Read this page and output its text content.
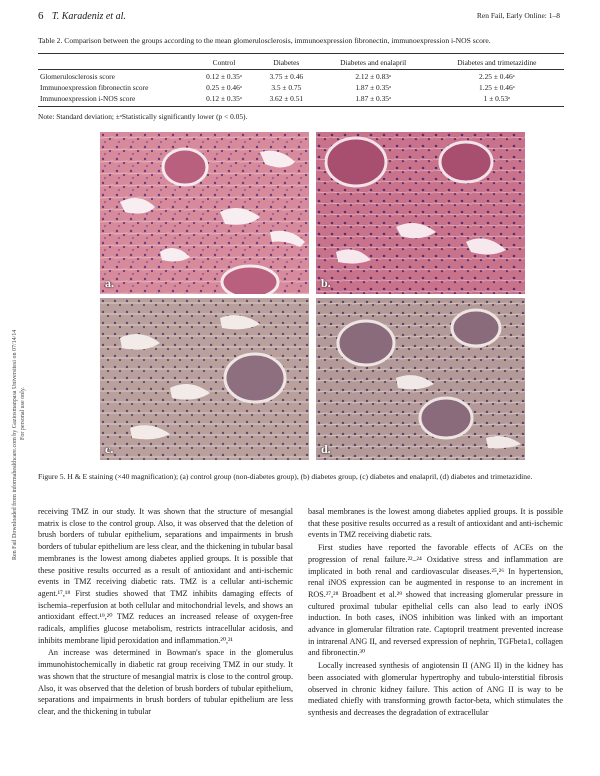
6 T. Karadeniz et al.	Ren Fail, Early Online: 1–8
Ren Fail Downloaded from informahealthcare.com by Gaziosmanpasa Universitesi on 07/14/14 For personal use only.
Table 2. Comparison between the groups according to the mean glomerulosclerosis, immunoexpression fibronectin, immunoexpression i-NOS score.
	Control	Diabetes	Diabetes and enalapril	Diabetes and trimetazidine
Glomerulosclerosis score	0.12 ± 0.35ᵃ	3.75 ± 0.46	2.12 ± 0.83ᵃ	2.25 ± 0.46ᵃ
Immunoexpression fibronectin score	0.25 ± 0.46ᵃ	3.5 ± 0.75	1.87 ± 0.35ᵃ	1.25 ± 0.46ᵃ
Immunoexpression i-NOS score	0.12 ± 0.35ᵃ	3.62 ± 0.51	1.87 ± 0.35ᵃ	1 ± 0.53ᵃ
Note: Standard deviation; ±ᵃStatistically significantly lower (p < 0.05).
a.	b.
c.	d.
Figure 5. H & E staining (×40 magnification); (a) control group (non-diabetes group), (b) diabetes group, (c) diabetes and enalapril, (d) diabetes and trimetazidine.

receiving TMZ in our study. It was shown that the structure of mesangial matrix is close to the control group. Also, it was observed that the deletion of brush borders of tubular epithelium, separations and impairments in brush borders of tubular epithelium are less clear, and the thickening in tubular basal membranes is the lowest among diabetes applied groups. It is possible that these positive results occurred as a result of antioxidant and anti-ischemic events in TMZ receiving diabetic rats. TMZ is a cellular anti-ischemic agent.¹⁷,¹⁸ First studies showed that TMZ inhibits damaging effects of ischemia–reperfusion at both cellular and mitochondrial levels, and shows an antioxidant effect.¹⁹,²⁰ TMZ reduces an increased release of oxygen-free radicals, amplifies glucose metabolism, restricts intracellular acidosis, and inhibits membrane lipid peroxidation and inflammation.²⁰,²¹

An increase was determined in Bowman's space in the glomerulus immunohistochemically in diabetic rat group receiving TMZ in our study. It was shown that the structure of mesangial matrix is close to the control group. Also, it was observed that the deletion of brush borders of tubular epithelium, separations and impairments in brush borders of tubular epithelium are less clear, and the thickening in tubular

basal membranes is the lowest among diabetes applied groups. It is possible that these positive results occurred as a result of antioxidant and anti-ischemic events in TMZ receiving diabetic rats.

First studies have reported the favorable effects of ACEs on the progression of renal failure.²²–²⁴ Oxidative stress and inflammation are implicated in both renal and cardiovascular diseases.²⁵,²⁶ In hypertension, renal iNOS expression can be augmented in response to an increment in ROS.²⁷,²⁸ Broadbent et al.²⁹ showed that increasing glomerular pressure in cultured proximal tubular epithelial cells can also lead to early iNOS induction. In both cases, iNOS inhibition was linked with an important advance in glomerular filtration rate. Captopril treatment prevented increase in intrarenal ANG II, and reversed expression of nephrin, TGFbeta1, collagen and fibronectin.³⁰

Locally increased synthesis of angiotensin II (ANG II) in the kidney has been associated with glomerular hypertrophy and tubulo-interstitial fibrosis observed in chronic kidney failure. This action of ANG II is way to be mediated chiefly with transforming growth factor-beta, which stimulates the synthesis and decreases the degradation of extracellular
